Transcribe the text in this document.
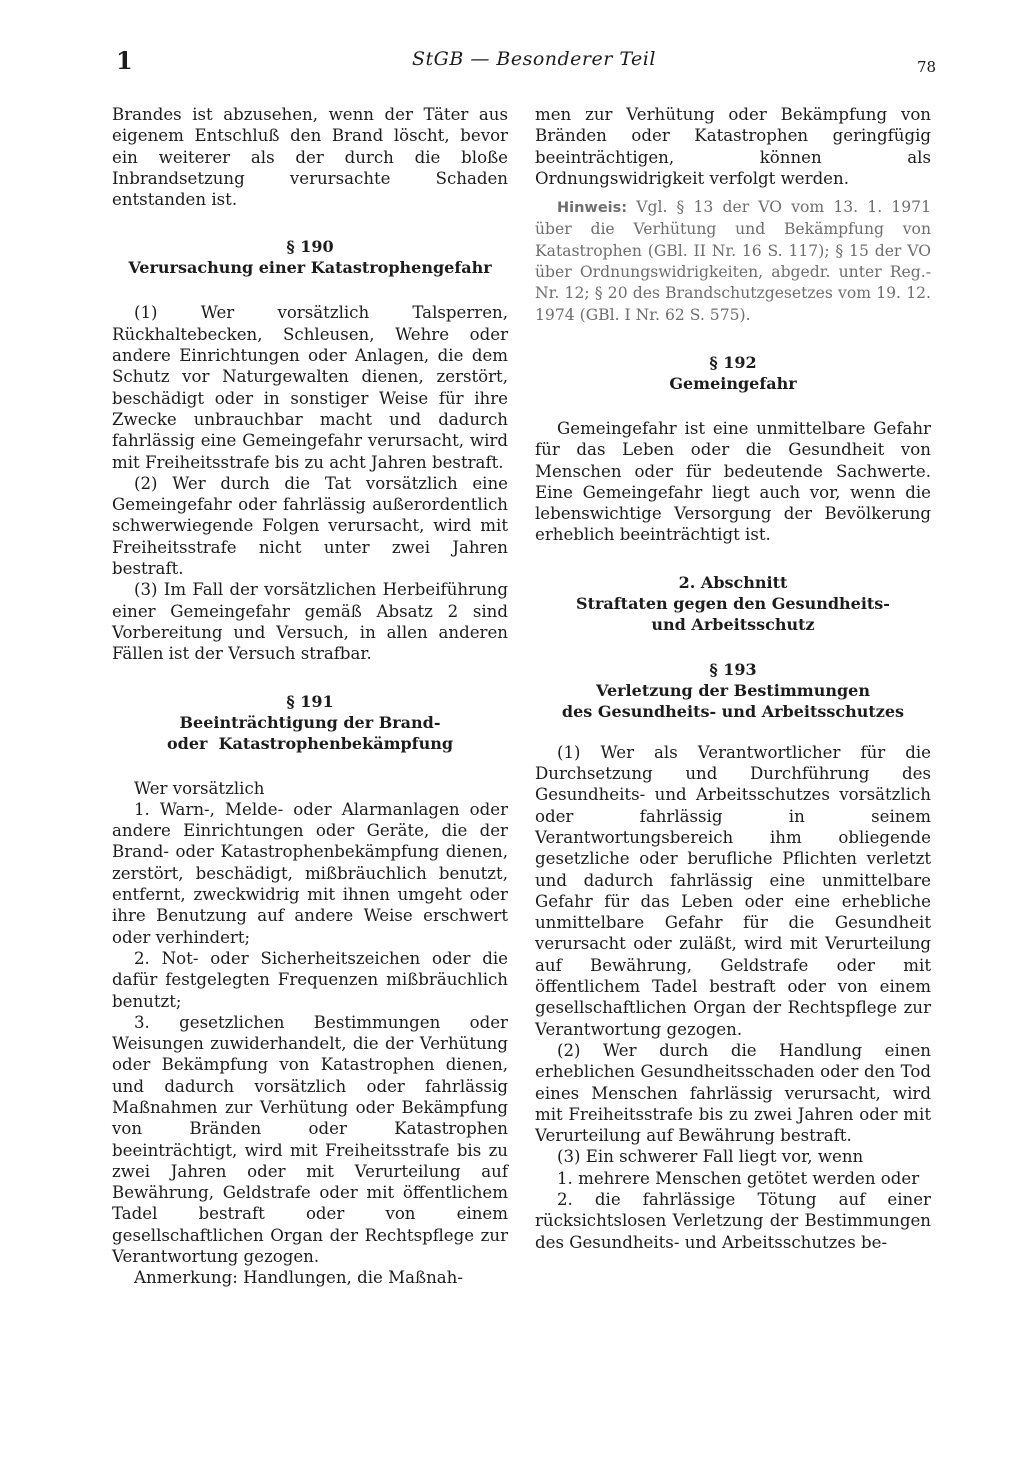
1	StGB — Besonderer Teil	78

Brandes ist abzusehen, wenn der Täter aus eigenem Entschluß den Brand löscht, bevor ein weiterer als der durch die bloße Inbrandsetzung verursachte Schaden entstanden ist.

§ 190

Verursachung einer Katastrophengefahr

(1) Wer vorsätzlich Talsperren, Rückhaltebecken, Schleusen, Wehre oder andere Einrichtungen oder Anlagen, die dem Schutz vor Naturgewalten dienen, zerstört, beschädigt oder in sonstiger Weise für ihre Zwecke unbrauchbar macht und dadurch fahrlässig eine Gemeingefahr verursacht, wird mit Freiheitsstrafe bis zu acht Jahren bestraft.

(2) Wer durch die Tat vorsätzlich eine Gemeingefahr oder fahrlässig außerordentlich schwerwiegende Folgen verursacht, wird mit Freiheitsstrafe nicht unter zwei Jahren bestraft.

(3) Im Fall der vorsätzlichen Herbeiführung einer Gemeingefahr gemäß Absatz 2 sind Vorbereitung und Versuch, in allen anderen Fällen ist der Versuch strafbar.

§ 191

Beeinträchtigung der Brand-

oder  Katastrophenbekämpfung

Wer vorsätzlich

1. Warn-, Melde- oder Alarmanlagen oder andere Einrichtungen oder Geräte, die der Brand- oder Katastrophenbekämpfung dienen, zerstört, beschädigt, mißbräuchlich benutzt, entfernt, zweckwidrig mit ihnen umgeht oder ihre Benutzung auf andere Weise erschwert oder verhindert;

2. Not- oder Sicherheitszeichen oder die dafür festgelegten Frequenzen mißbräuchlich benutzt;

3. gesetzlichen Bestimmungen oder Weisungen zuwiderhandelt, die der Verhütung oder Bekämpfung von Katastrophen dienen, und dadurch vorsätzlich oder fahrlässig Maßnahmen zur Verhütung oder Bekämpfung von Bränden oder Katastrophen beeinträchtigt, wird mit Freiheitsstrafe bis zu zwei Jahren oder mit Verurteilung auf Bewährung, Geldstrafe oder mit öffentlichem Tadel bestraft oder von einem gesellschaftlichen Organ der Rechtspflege zur Verantwortung gezogen.

Anmerkung: Handlungen, die Maßnah-

men zur Verhütung oder Bekämpfung von Bränden oder Katastrophen geringfügig beeinträchtigen, können als Ordnungswidrigkeit verfolgt werden.

Hinweis: Vgl. § 13 der VO vom 13. 1. 1971 über die Verhütung und Bekämpfung von Katastrophen (GBl. II Nr. 16 S. 117); § 15 der VO über Ordnungswidrigkeiten, abgedr. unter Reg.-Nr. 12; § 20 des Brandschutzgesetzes vom 19. 12. 1974 (GBl. I Nr. 62 S. 575).

§ 192

Gemeingefahr

Gemeingefahr ist eine unmittelbare Gefahr für das Leben oder die Gesundheit von Menschen oder für bedeutende Sachwerte. Eine Gemeingefahr liegt auch vor, wenn die lebenswichtige Versorgung der Bevölkerung erheblich beeinträchtigt ist.

2. Abschnitt

Straftaten gegen den Gesundheits-

und Arbeitsschutz

§ 193

Verletzung der Bestimmungen

des Gesundheits- und Arbeitsschutzes

(1) Wer als Verantwortlicher für die Durchsetzung und Durchführung des Gesundheits- und Arbeitsschutzes vorsätzlich oder fahrlässig in seinem Verantwortungsbereich ihm obliegende gesetzliche oder berufliche Pflichten verletzt und dadurch fahrlässig eine unmittelbare Gefahr für das Leben oder eine erhebliche unmittelbare Gefahr für die Gesundheit verursacht oder zuläßt, wird mit Verurteilung auf Bewährung, Geldstrafe oder mit öffentlichem Tadel bestraft oder von einem gesellschaftlichen Organ der Rechtspflege zur Verantwortung gezogen.

(2) Wer durch die Handlung einen erheblichen Gesundheitsschaden oder den Tod eines Menschen fahrlässig verursacht, wird mit Freiheitsstrafe bis zu zwei Jahren oder mit Verurteilung auf Bewährung bestraft.

(3) Ein schwerer Fall liegt vor, wenn

1. mehrere Menschen getötet werden oder

2. die fahrlässige Tötung auf einer rücksichtslosen Verletzung der Bestimmungen des Gesundheits- und Arbeitsschutzes be-
